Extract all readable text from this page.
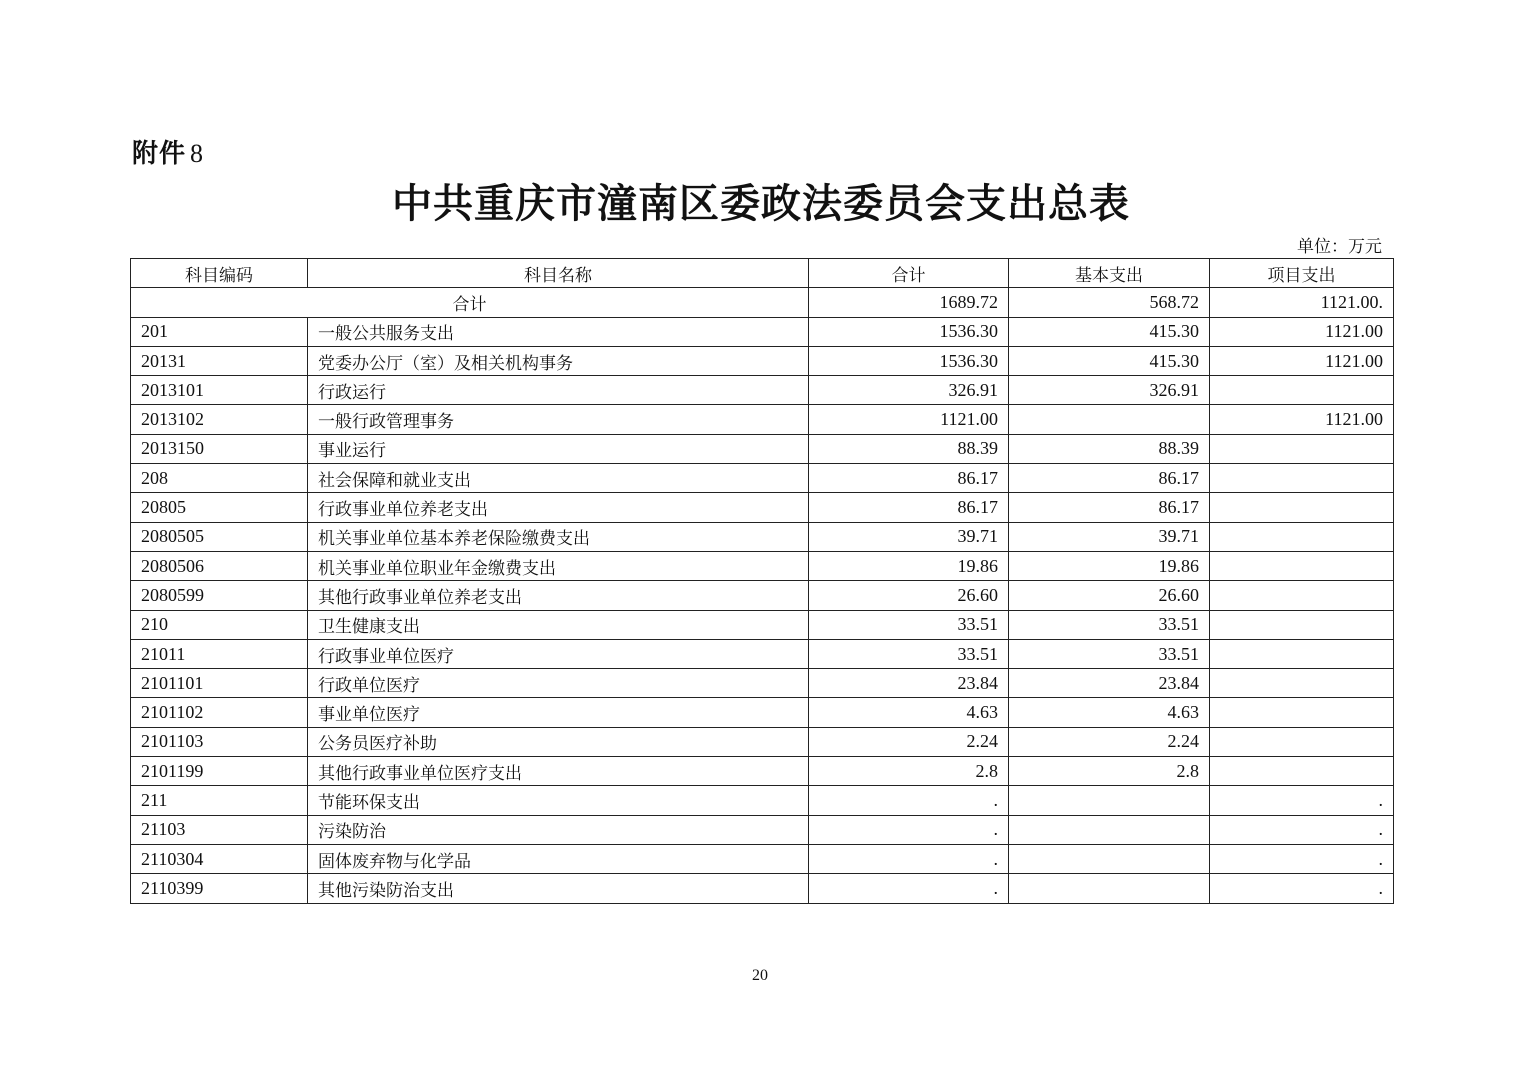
附件 8
中共重庆市潼南区委政法委员会支出总表
单位：万元
科目编码	科目名称	合计	基本支出	项目支出
合计		1689.72	568.72	1121.00.
201	一般公共服务支出	1536.30	415.30	1121.00
20131	党委办公厅（室）及相关机构事务	1536.30	415.30	1121.00
2013101	行政运行	326.91	326.91	
2013102	一般行政管理事务	1121.00		1121.00
2013150	事业运行	88.39	88.39	
208	社会保障和就业支出	86.17	86.17	
20805	行政事业单位养老支出	86.17	86.17	
2080505	机关事业单位基本养老保险缴费支出	39.71	39.71	
2080506	机关事业单位职业年金缴费支出	19.86	19.86	
2080599	其他行政事业单位养老支出	26.60	26.60	
210	卫生健康支出	33.51	33.51	
21011	行政事业单位医疗	33.51	33.51	
2101101	行政单位医疗	23.84	23.84	
2101102	事业单位医疗	4.63	4.63	
2101103	公务员医疗补助	2.24	2.24	
2101199	其他行政事业单位医疗支出	2.8	2.8	
211	节能环保支出	.		.
21103	污染防治	.		.
2110304	固体废弃物与化学品	.		.
2110399	其他污染防治支出	.		.
20
